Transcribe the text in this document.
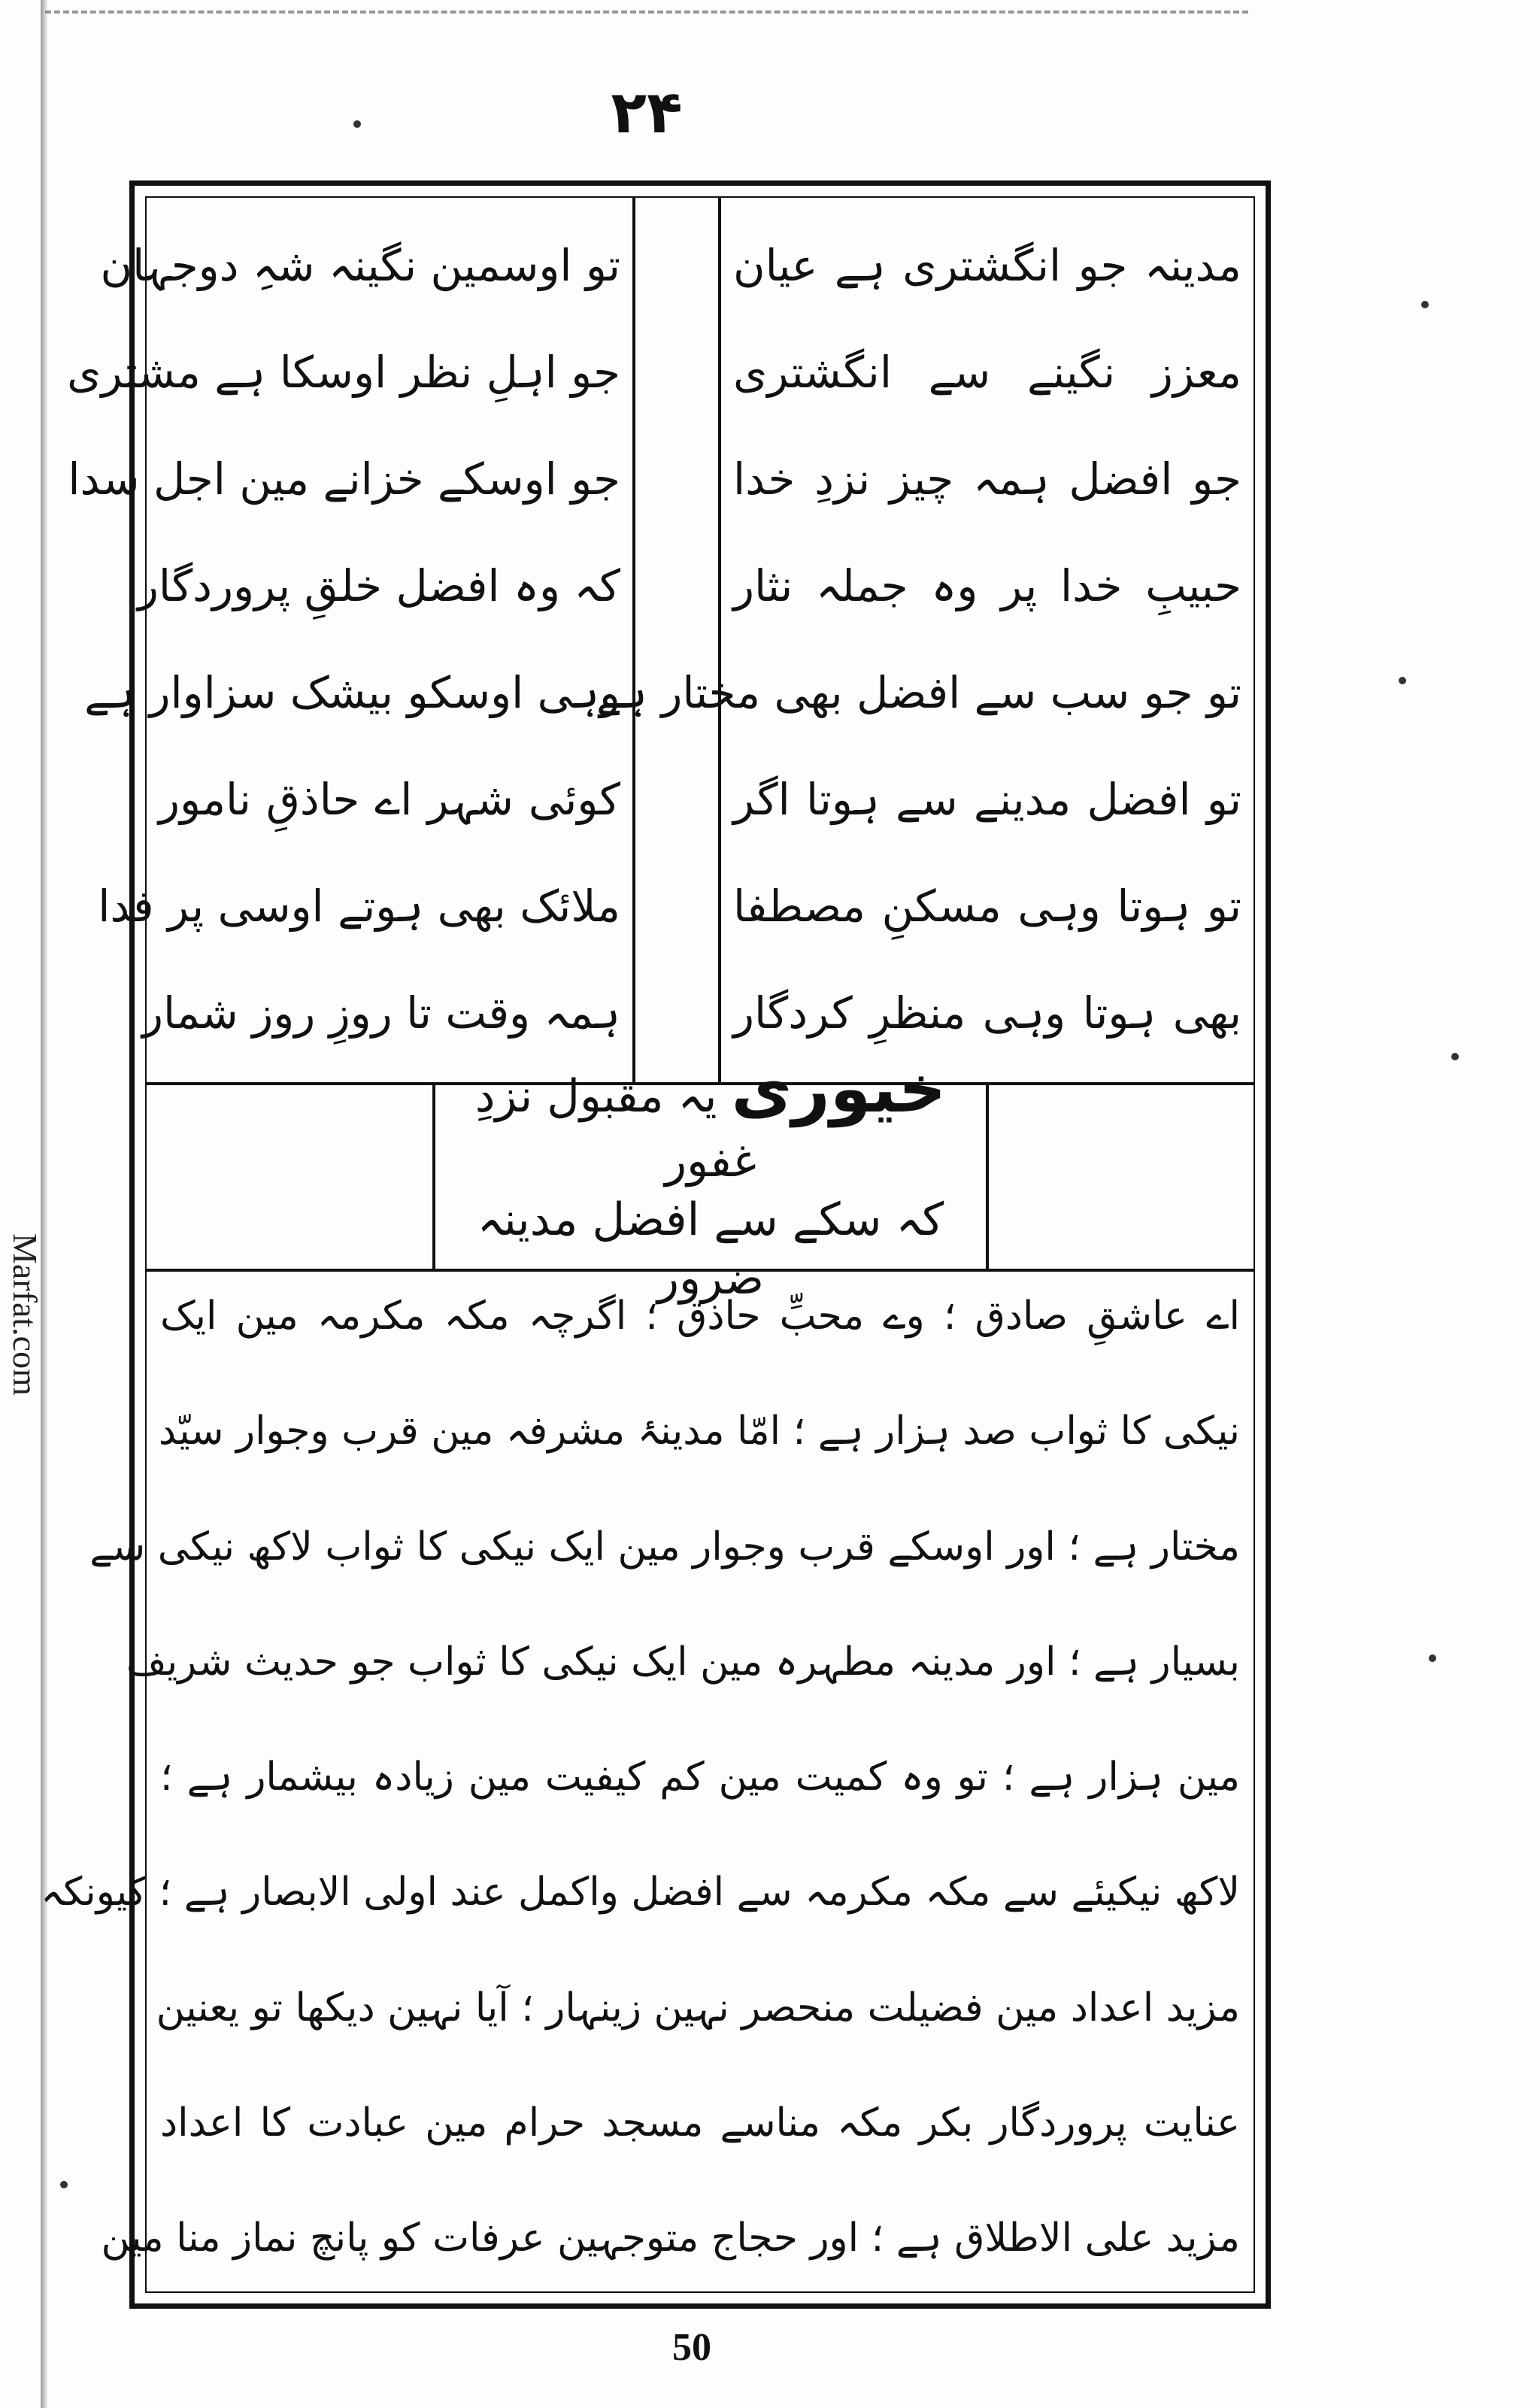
Marfat.com
۲۴
مدینہ جو انگشتری ہے عیان
معزز نگینے سے انگشتری
جو افضل ہمہ چیز نزدِ خدا
حبیبِ خدا پر وہ جملہ نثار
تو جو سب سے افضل بھی مختار ہے
تو افضل مدینے سے ہوتا اگر
تو ہوتا وہی مسکنِ مصطفا
بھی ہوتا وہی منظرِ کردگار
تو اوسمین نگینہ شہِ دوجہان
جو اہلِ نظر اوسکا ہے مشتری
جو اوسکے خزانے مین اجل سدا
کہ وہ افضل خلقِ پروردگار
وہی اوسکو بیشک سزاوار ہے
کوئی شہر اے حاذقِ نامور
ملائک بھی ہوتے اوسی پر فدا
ہمہ وقت تا روزِ روز شمار
خیوری یہ مقبول نزدِ غفور
کہ سکے سے افضل مدینہ ضرور
اے عاشقِ صادق ؛ وے محبِّ حاذق ؛ اگرچہ مکہ مکرمہ مین ایک
نیکی کا ثواب صد ہزار ہے ؛ امّا مدینۂ مشرفہ مین قرب وجوار سیّد
مختار ہے ؛ اور اوسکے قرب وجوار مین ایک نیکی کا ثواب لاکھ نیکی سے
بسیار ہے ؛ اور مدینہ مطہرہ مین ایک نیکی کا ثواب جو حدیث شریف
مین ہزار ہے ؛ تو وہ کمیت مین کم کیفیت مین زیادہ بیشمار ہے ؛
لاکھ نیکیئے سے مکہ مکرمہ سے افضل واکمل عند اولی الابصار ہے ؛ کیونکہ
مزید اعداد مین فضیلت منحصر نہین زینہار ؛ آیا نہین دیکھا تو یعنین
عنایت پروردگار بکر مکہ مناسے مسجد حرام مین عبادت کا اعداد
مزید علی الاطلاق ہے ؛ اور حجاج متوجہین عرفات کو پانچ نماز منا مین
50
